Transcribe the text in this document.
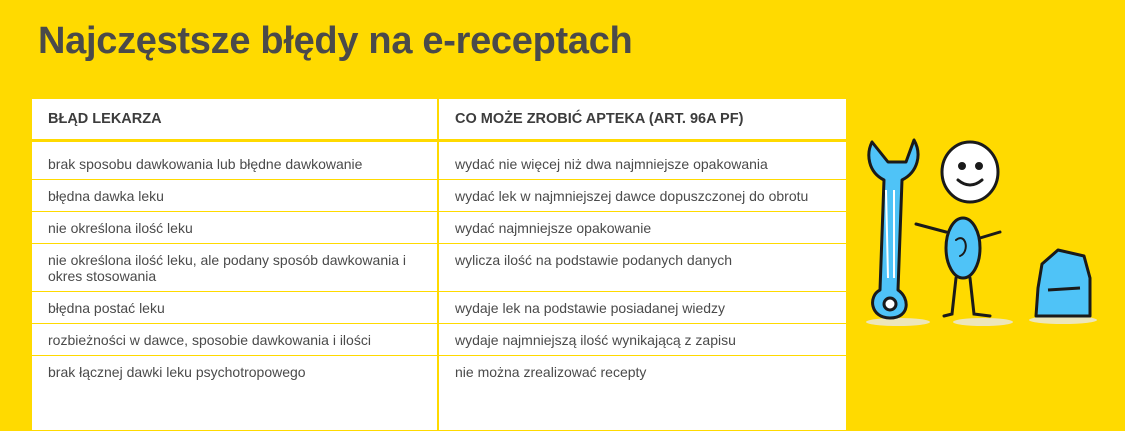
Najczęstsze błędy na e-receptach
BŁĄD LEKARZA	CO MOŻE ZROBIĆ APTEKA (ART. 96A PF)
brak sposobu dawkowania lub błędne dawkowanie	wydać nie więcej niż dwa najmniejsze opakowania
błędna dawka leku	wydać lek w najmniejszej dawce dopuszczonej do obrotu
nie określona ilość leku	wydać najmniejsze opakowanie
nie określona ilość leku, ale podany sposób dawkowania i okres stosowania	wylicza ilość na podstawie podanych danych
błędna postać leku	wydaje lek na podstawie posiadanej wiedzy
rozbieżności w dawce, sposobie dawkowania i ilości	wydaje najmniejszą ilość wynikającą z zapisu
brak łącznej dawki leku psychotropowego	nie można zrealizować recepty
